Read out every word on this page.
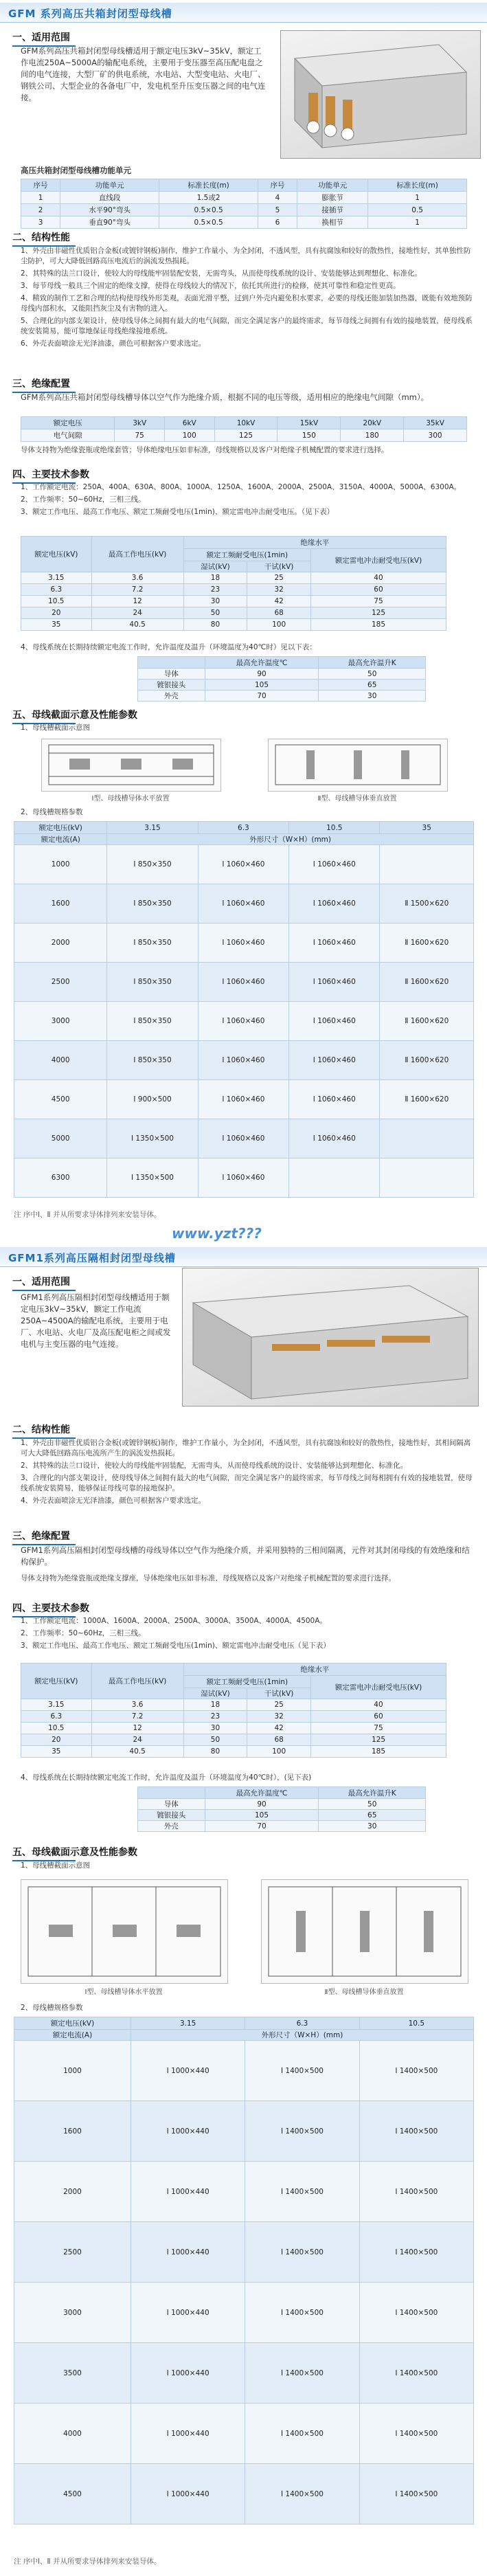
GFM 系列高压共箱封闭型母线槽
一、适用范围
GFM系列高压共箱封闭型母线槽适用于额定电压3kV~35kV，额定工作电流250A~5000A的输配电系统，主要用于变压器至高压配电盘之间的电气连接，大型厂矿的供电系统，水电站、大型变电站、火电厂、钢铁公司、大型企业的各备电厂中，发电机至升压变压器之间的电气连接。
高压共箱封闭型母线槽功能单元
序号	功能单元	标准长度(m)	序号	功能单元	标准长度(m)
1	直线段	1.5或2	4	膨胀节	1
2	水平90°弯头	0.5×0.5	5	接插节	0.5
3	垂直90°弯头	0.5×0.5	6	换相节	1
二、结构性能
1、外壳由非磁性优质铝合金板(或镀锌钢板)制作，维护工作量小，为全封闭，不透风型，具有抗腐蚀和较好的散热性，接地性好，其单独性防尘防护，可大大降低回路高压电流后的涡流发热损耗。
2、其特殊的法兰口设计，使较大的母线能牢固装配安装，无需弯头，从而使母线系统的设计、安装能够达到理想化、标准化。
3、每节母线一般具三个固定的绝缘支撑，使得在母线较大的情况下，依托其所进行的检修，使其可靠性和稳定性更高。
4、精致的制作工艺和合理的结构使母线外形美观，表面光滑平整，过到户外壳内避免积水要求，必要的母线还能加装加热器，既能有效地预防母线内部积水，又能阻挡灰尘及有害物的进入。
5、合理化的内部支架设计，使母线导体之间拥有最大的电气间隙，而完全满足客户的最终需求，每节母线之间拥有有效的接地装置，使母线系统安装简易，能可靠地保证母线绝缘接地系统。
6、外壳表面喷涂无光泽油漆，颜色可根据客户要求选定。
三、绝缘配置
GFM系列高压共箱封闭型母线槽导体以空气作为绝缘介质，根据不同的电压等级，适用相应的绝缘电气间隙（mm）。
额定电压	3kV	6kV	10kV	15kV	20kV	35kV
电气间隙	75	100	125	150	180	300
导体支持物为绝缘瓷瓶或绝缘套管；导体绝缘电压如非标准，母线规格以及客户对绝缘子机械配置的要求进行选择。
四、主要技术参数
1、工作额定电流：250A、400A、630A、800A、1000A、1250A、1600A、2000A、2500A、3150A、4000A、5000A、6300A。
2、工作频率：50~60Hz，三相三线。
3、额定工作电压、最高工作电压、额定工频耐受电压(1min)、额定雷电冲击耐受电压。（见下表）
额定电压(kV)	最高工作电压(kV)	绝缘水平		
		额定工频耐受电压(1min)		额定雷电冲击耐受电压(kV)
		湿试(kV)	干试(kV)	
3.15	3.6	18	25	40
6.3	7.2	23	32	60
10.5	12	30	42	75
20	24	50	68	125
35	40.5	80	100	185
4、母线系统在长期持续额定电流工作时，允许温度及温升（环境温度为40℃时）见以下表：
	最高允许温度℃	最高允许温升K
导体	90	50
镀银接头	105	65
外壳	70	30
五、母线截面示意及性能参数
1、母线槽截面示意图
Ⅰ型、母线槽导体水平放置	Ⅱ型、母线槽导体垂直放置
2、母线槽规格参数
额定电压(kV)	3.15	6.3	10.5	35
额定电流(A)	外形尺寸（W×H）(mm)			
1000	Ⅰ 850×350	Ⅰ 1060×460	Ⅰ 1060×460	
1600	Ⅰ 850×350	Ⅰ 1060×460	Ⅰ 1060×460	Ⅱ 1500×620
2000	Ⅰ 850×350	Ⅰ 1060×460	Ⅰ 1060×460	Ⅱ 1600×620
2500	Ⅰ 850×350	Ⅰ 1060×460	Ⅰ 1060×460	Ⅱ 1600×620
3000	Ⅰ 850×350	Ⅰ 1060×460	Ⅰ 1060×460	Ⅱ 1600×620
4000	Ⅰ 850×350	Ⅰ 1060×460	Ⅰ 1060×460	Ⅱ 1600×620
4500	Ⅰ 900×500	Ⅰ 1060×460	Ⅰ 1060×460	Ⅱ 1600×620
5000	Ⅰ 1350×500	Ⅰ 1060×460	Ⅰ 1060×460	
6300	Ⅰ 1350×500	Ⅰ 1060×460		
注 序中Ⅰ、Ⅱ 并从所要求导体排列来安装导体。
www.yzt???
GFM1系列高压隔相封闭型母线槽
一、适用范围
GFM1系列高压隔相封闭型母线槽适用于额定电压3kV~35kV，额定工作电流250A~4500A的输配电系统，主要用于电厂、水电站、火电厂及高压配电柜之间或发电机与主变压器的电气连接。
二、结构性能
1、外壳由非磁性优质铝合金板(或镀锌钢板)制作，维护工作量小，为全封闭，不透风型，具有抗腐蚀和较好的散热性，接地性好，其相间隔离可大大降低回路高压电流所产生的涡流发热损耗。
2、其特殊的法兰口设计，使较大的母线能牢固装配，无需弯头，从而使母线系统的设计、安装能够达到理想化、标准化。
3、合理化的内部支架设计，使母线导体之间拥有最大的电气间隙，而完全满足客户的最终需求，每节母线之间每相拥有有效的接地装置，使母线系统安装简易，能够保证母线可靠的接地保护。
4、外壳表面喷涂无光泽油漆，颜色可根据客户要求选定。
三、绝缘配置
GFM1系列高压隔相封闭型母线槽的母线导体以空气作为绝缘介质，并采用独特的三相间隔离，元件对其封闭母线的有效绝缘和结构保护。
导体支持物为绝缘瓷瓶或绝缘支撑座，导体绝缘电压如非标准，母线规格以及客户对绝缘子机械配置的要求进行选择。
四、主要技术参数
1、工作额定电流：1000A、1600A、2000A、2500A、3000A、3500A、4000A、4500A。
2、工作频率：50~60Hz，三相三线。
3、额定工作电压、最高工作电压、额定工频耐受电压(1min)、额定雷电冲击耐受电压（见下表）
额定电压(kV)	最高工作电压(kV)	绝缘水平		
		额定工频耐受电压(1min)		额定雷电冲击耐受电压(kV)
		湿试(kV)	干试(kV)	
3.15	3.6	18	25	40
6.3	7.2	23	32	60
10.5	12	30	42	75
20	24	50	68	125
35	40.5	80	100	185
4、母线系统在长期持续额定电流工作时，允许温度及温升（环境温度为40℃时），(见下表)
	最高允许温度℃	最高允许温升K
导体	90	50
镀银接头	105	65
外壳	70	30
五、母线截面示意及性能参数
1、母线槽截面示意图
Ⅰ型、母线槽导体水平放置	Ⅱ型、母线槽导体垂直放置
2、母线槽规格参数
额定电压(kV)	3.15	6.3	10.5
额定电流(A)	外形尺寸（W×H）(mm)		
1000	Ⅰ 1000×440	Ⅰ 1400×500	Ⅰ 1400×500
1600	Ⅰ 1000×440	Ⅰ 1400×500	Ⅰ 1400×500
2000	Ⅰ 1000×440	Ⅰ 1400×500	Ⅰ 1400×500
2500	Ⅰ 1000×440	Ⅰ 1400×500	Ⅰ 1400×500
3000	Ⅰ 1000×440	Ⅰ 1400×500	Ⅰ 1400×500
3500	Ⅰ 1000×440	Ⅰ 1400×500	Ⅰ 1400×500
4000	Ⅰ 1000×440	Ⅰ 1400×500	Ⅰ 1400×500
4500	Ⅰ 1000×440	Ⅰ 1400×500	Ⅰ 1400×500
注 序中Ⅰ、Ⅱ 并从所要求导体排列来安装导体。
